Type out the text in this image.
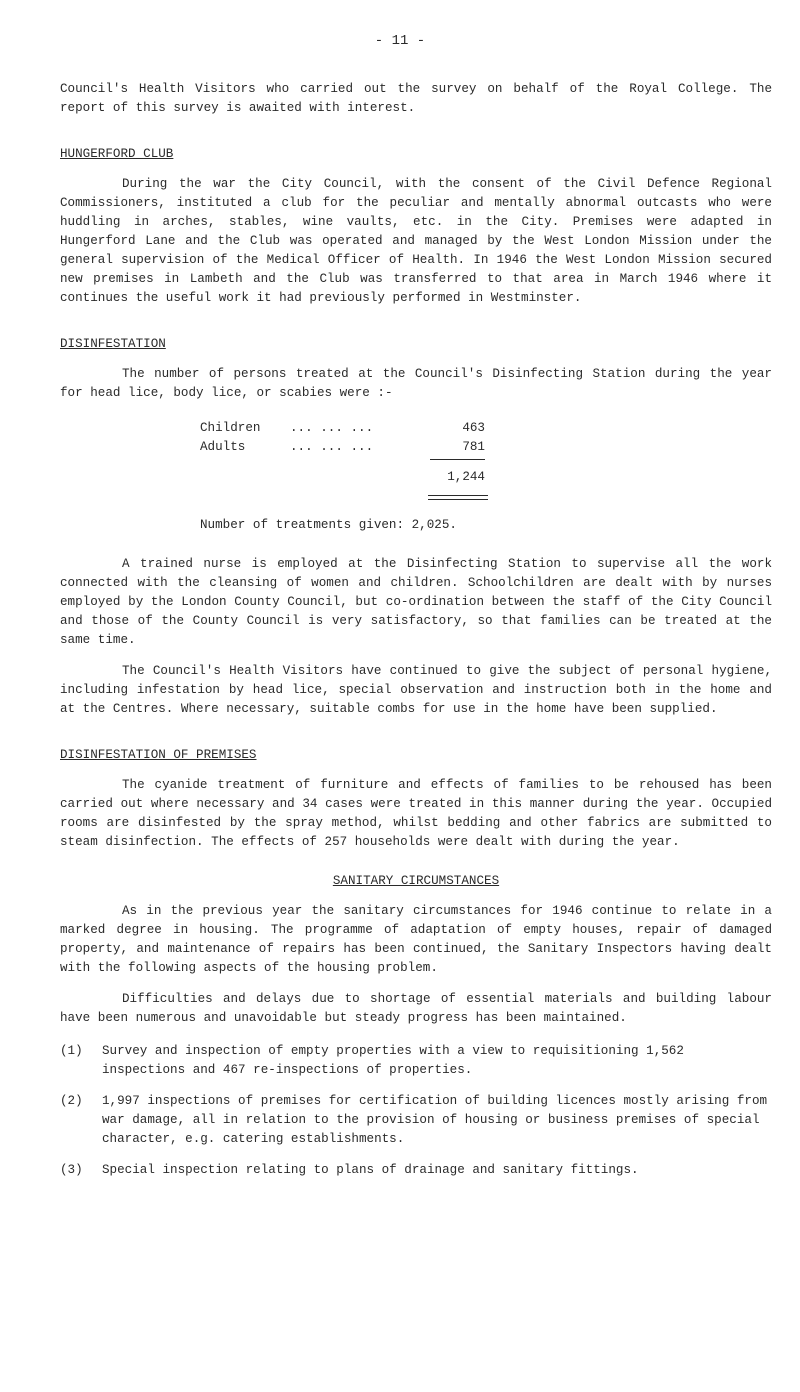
- 11 -

Council's Health Visitors who carried out the survey on behalf of the Royal College. The report of this survey is awaited with interest.

HUNGERFORD CLUB

During the war the City Council, with the consent of the Civil Defence Regional Commissioners, instituted a club for the peculiar and mentally abnormal outcasts who were huddling in arches, stables, wine vaults, etc. in the City. Premises were adapted in Hungerford Lane and the Club was operated and managed by the West London Mission under the general supervision of the Medical Officer of Health. In 1946 the West London Mission secured new premises in Lambeth and the Club was transferred to that area in March 1946 where it continues the useful work it had previously performed in Westminster.

DISINFESTATION

The number of persons treated at the Council's Disinfecting Station during the year for head lice, body lice, or scabies were :-

Children	... ... ...	463
Adults	... ... ...	781
1,244

Number of treatments given: 2,025.

A trained nurse is employed at the Disinfecting Station to supervise all the work connected with the cleansing of women and children. Schoolchildren are dealt with by nurses employed by the London County Council, but co-ordination between the staff of the City Council and those of the County Council is very satisfactory, so that families can be treated at the same time.

The Council's Health Visitors have continued to give the subject of personal hygiene, including infestation by head lice, special observation and instruction both in the home and at the Centres. Where necessary, suitable combs for use in the home have been supplied.

DISINFESTATION OF PREMISES

The cyanide treatment of furniture and effects of families to be rehoused has been carried out where necessary and 34 cases were treated in this manner during the year. Occupied rooms are disinfested by the spray method, whilst bedding and other fabrics are submitted to steam disinfection. The effects of 257 households were dealt with during the year.

SANITARY CIRCUMSTANCES

As in the previous year the sanitary circumstances for 1946 continue to relate in a marked degree in housing. The programme of adaptation of empty houses, repair of damaged property, and maintenance of repairs has been continued, the Sanitary Inspectors having dealt with the following aspects of the housing problem.

Difficulties and delays due to shortage of essential materials and building labour have been numerous and unavoidable but steady progress has been maintained.

(1)	Survey and inspection of empty properties with a view to requisitioning 1,562 inspections and 467 re-inspections of properties.
(2)	1,997 inspections of premises for certification of building licences mostly arising from war damage, all in relation to the provision of housing or business premises of special character, e.g. catering establishments.
(3)	Special inspection relating to plans of drainage and sanitary fittings.
